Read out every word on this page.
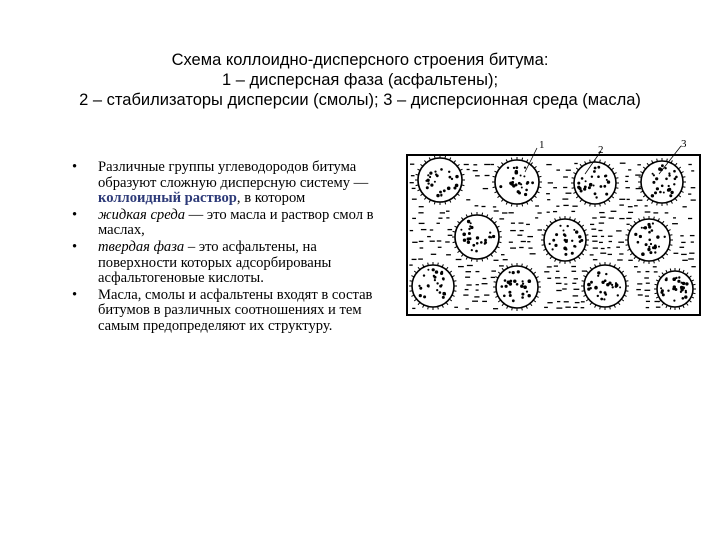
Схема коллоидно-дисперсного строения битума:
1 – дисперсная фаза (асфальтены);
2 – стабилизаторы дисперсии (смолы); 3 – дисперсионная среда (масла)
• Различные группы углеводородов битума образуют сложную дисперсную систему — коллоидный раствор, в котором
• жидкая среда — это масла и раствор смол в маслах,
• твердая фаза – это асфальтены, на поверхности которых адсорбированы асфальтогеновые кислоты.
• Масла, смолы и асфальтены входят в состав битумов в различных соотношениях и тем самым предопределяют их структуру.
1	2	3
